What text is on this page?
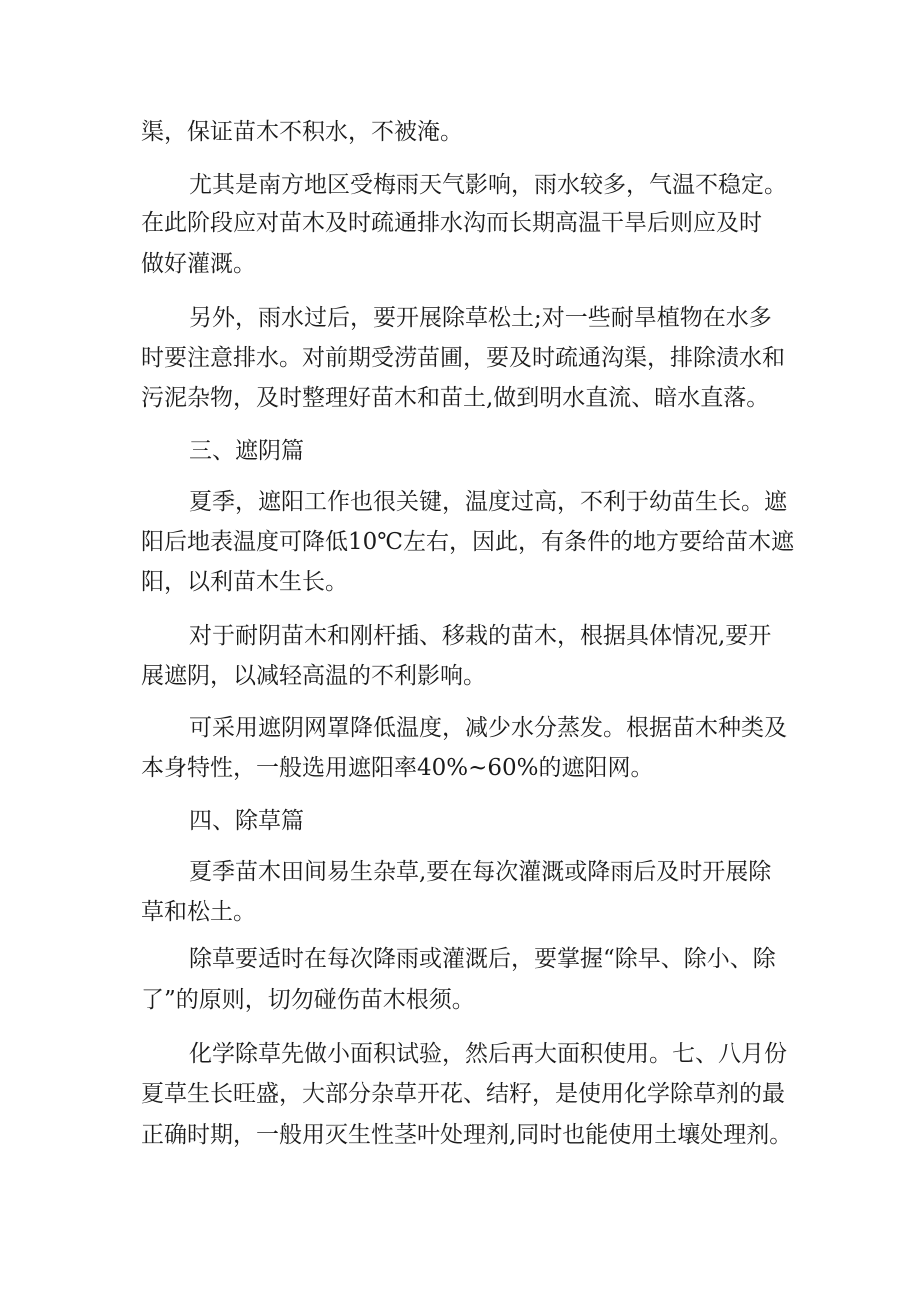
渠，保证苗木不积水，不被淹。
尤其是南方地区受梅雨天气影响，雨水较多，气温不稳定。
在此阶段应对苗木及时疏通排水沟而长期高温干旱后则应及时
做好灌溉。
另外，雨水过后，要开展除草松土;对一些耐旱植物在水多
时要注意排水。对前期受涝苗圃，要及时疏通沟渠，排除渍水和
污泥杂物，及时整理好苗木和苗土,做到明水直流、暗水直落。
三、遮阴篇
夏季，遮阳工作也很关键，温度过高，不利于幼苗生长。遮
阳后地表温度可降低10℃左右，因此，有条件的地方要给苗木遮
阳，以利苗木生长。
对于耐阴苗木和刚杆插、移栽的苗木，根据具体情况,要开
展遮阴，以减轻高温的不利影响。
可采用遮阴网罩降低温度，减少水分蒸发。根据苗木种类及
本身特性，一般选用遮阳率40%~60%的遮阳网。
四、除草篇
夏季苗木田间易生杂草,要在每次灌溉或降雨后及时开展除
草和松土。
除草要适时在每次降雨或灌溉后，要掌握“除早、除小、除
了”的原则，切勿碰伤苗木根须。
化学除草先做小面积试验，然后再大面积使用。七、八月份
夏草生长旺盛，大部分杂草开花、结籽，是使用化学除草剂的最
正确时期，一般用灭生性茎叶处理剂,同时也能使用土壤处理剂。
